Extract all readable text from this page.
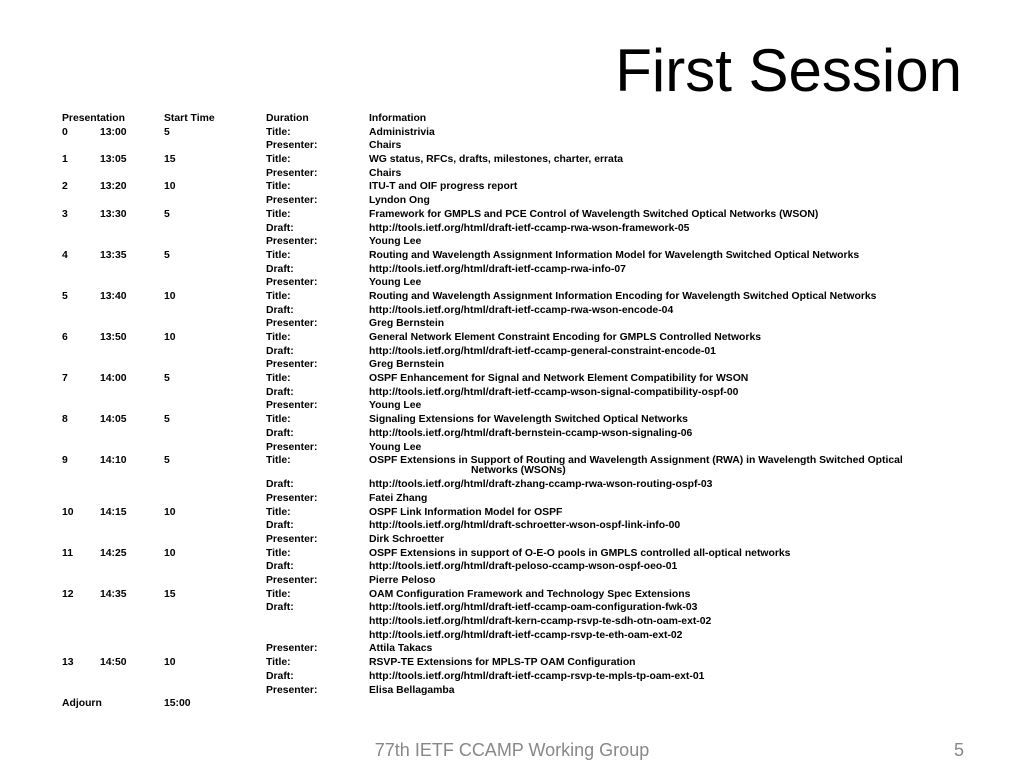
First Session
Presentation	Start Time	Duration	Information
0	13:00	5	Title:	Administrivia
Presenter:	Chairs
1	13:05	15	Title:	WG status, RFCs, drafts, milestones, charter, errata
Presenter:	Chairs
2	13:20	10	Title:	ITU-T and OIF progress report
Presenter:	Lyndon Ong
3	13:30	5	Title:	Framework for GMPLS and PCE Control of Wavelength Switched Optical Networks (WSON)
Draft:	http://tools.ietf.org/html/draft-ietf-ccamp-rwa-wson-framework-05
Presenter:	Young Lee
4	13:35	5	Title:	Routing and Wavelength Assignment Information Model for Wavelength Switched Optical Networks
Draft:	http://tools.ietf.org/html/draft-ietf-ccamp-rwa-info-07
Presenter:	Young Lee
5	13:40	10	Title:	Routing and Wavelength Assignment Information Encoding for Wavelength Switched Optical Networks
Draft:	http://tools.ietf.org/html/draft-ietf-ccamp-rwa-wson-encode-04
Presenter:	Greg Bernstein
6	13:50	10	Title:	General Network Element Constraint Encoding for GMPLS Controlled Networks
Draft:	http://tools.ietf.org/html/draft-ietf-ccamp-general-constraint-encode-01
Presenter:	Greg Bernstein
7	14:00	5	Title:	OSPF Enhancement for Signal and Network Element Compatibility for WSON
Draft:	http://tools.ietf.org/html/draft-ietf-ccamp-wson-signal-compatibility-ospf-00
Presenter:	Young Lee
8	14:05	5	Title:	Signaling Extensions for Wavelength Switched Optical Networks
Draft:	http://tools.ietf.org/html/draft-bernstein-ccamp-wson-signaling-06
Presenter:	Young Lee
9	14:10	5	Title:	OSPF Extensions in Support of Routing and Wavelength Assignment (RWA) in Wavelength Switched Optical
Networks (WSONs)
Draft:	http://tools.ietf.org/html/draft-zhang-ccamp-rwa-wson-routing-ospf-03
Presenter:	Fatei Zhang
10	14:15	10	Title:	OSPF Link Information Model for OSPF
Draft:	http://tools.ietf.org/html/draft-schroetter-wson-ospf-link-info-00
Presenter:	Dirk Schroetter
11	14:25	10	Title:	OSPF Extensions in support of O-E-O pools in GMPLS controlled all-optical networks
Draft:	http://tools.ietf.org/html/draft-peloso-ccamp-wson-ospf-oeo-01
Presenter:	Pierre Peloso
12	14:35	15	Title:	OAM Configuration Framework and Technology Spec Extensions
Draft:	http://tools.ietf.org/html/draft-ietf-ccamp-oam-configuration-fwk-03
http://tools.ietf.org/html/draft-kern-ccamp-rsvp-te-sdh-otn-oam-ext-02
http://tools.ietf.org/html/draft-ietf-ccamp-rsvp-te-eth-oam-ext-02
Presenter:	Attila Takacs
13	14:50	10	Title:	RSVP-TE Extensions for MPLS-TP OAM Configuration
Draft:	http://tools.ietf.org/html/draft-ietf-ccamp-rsvp-te-mpls-tp-oam-ext-01
Presenter:	Elisa Bellagamba
Adjourn	15:00
77th IETF CCAMP Working Group	5
